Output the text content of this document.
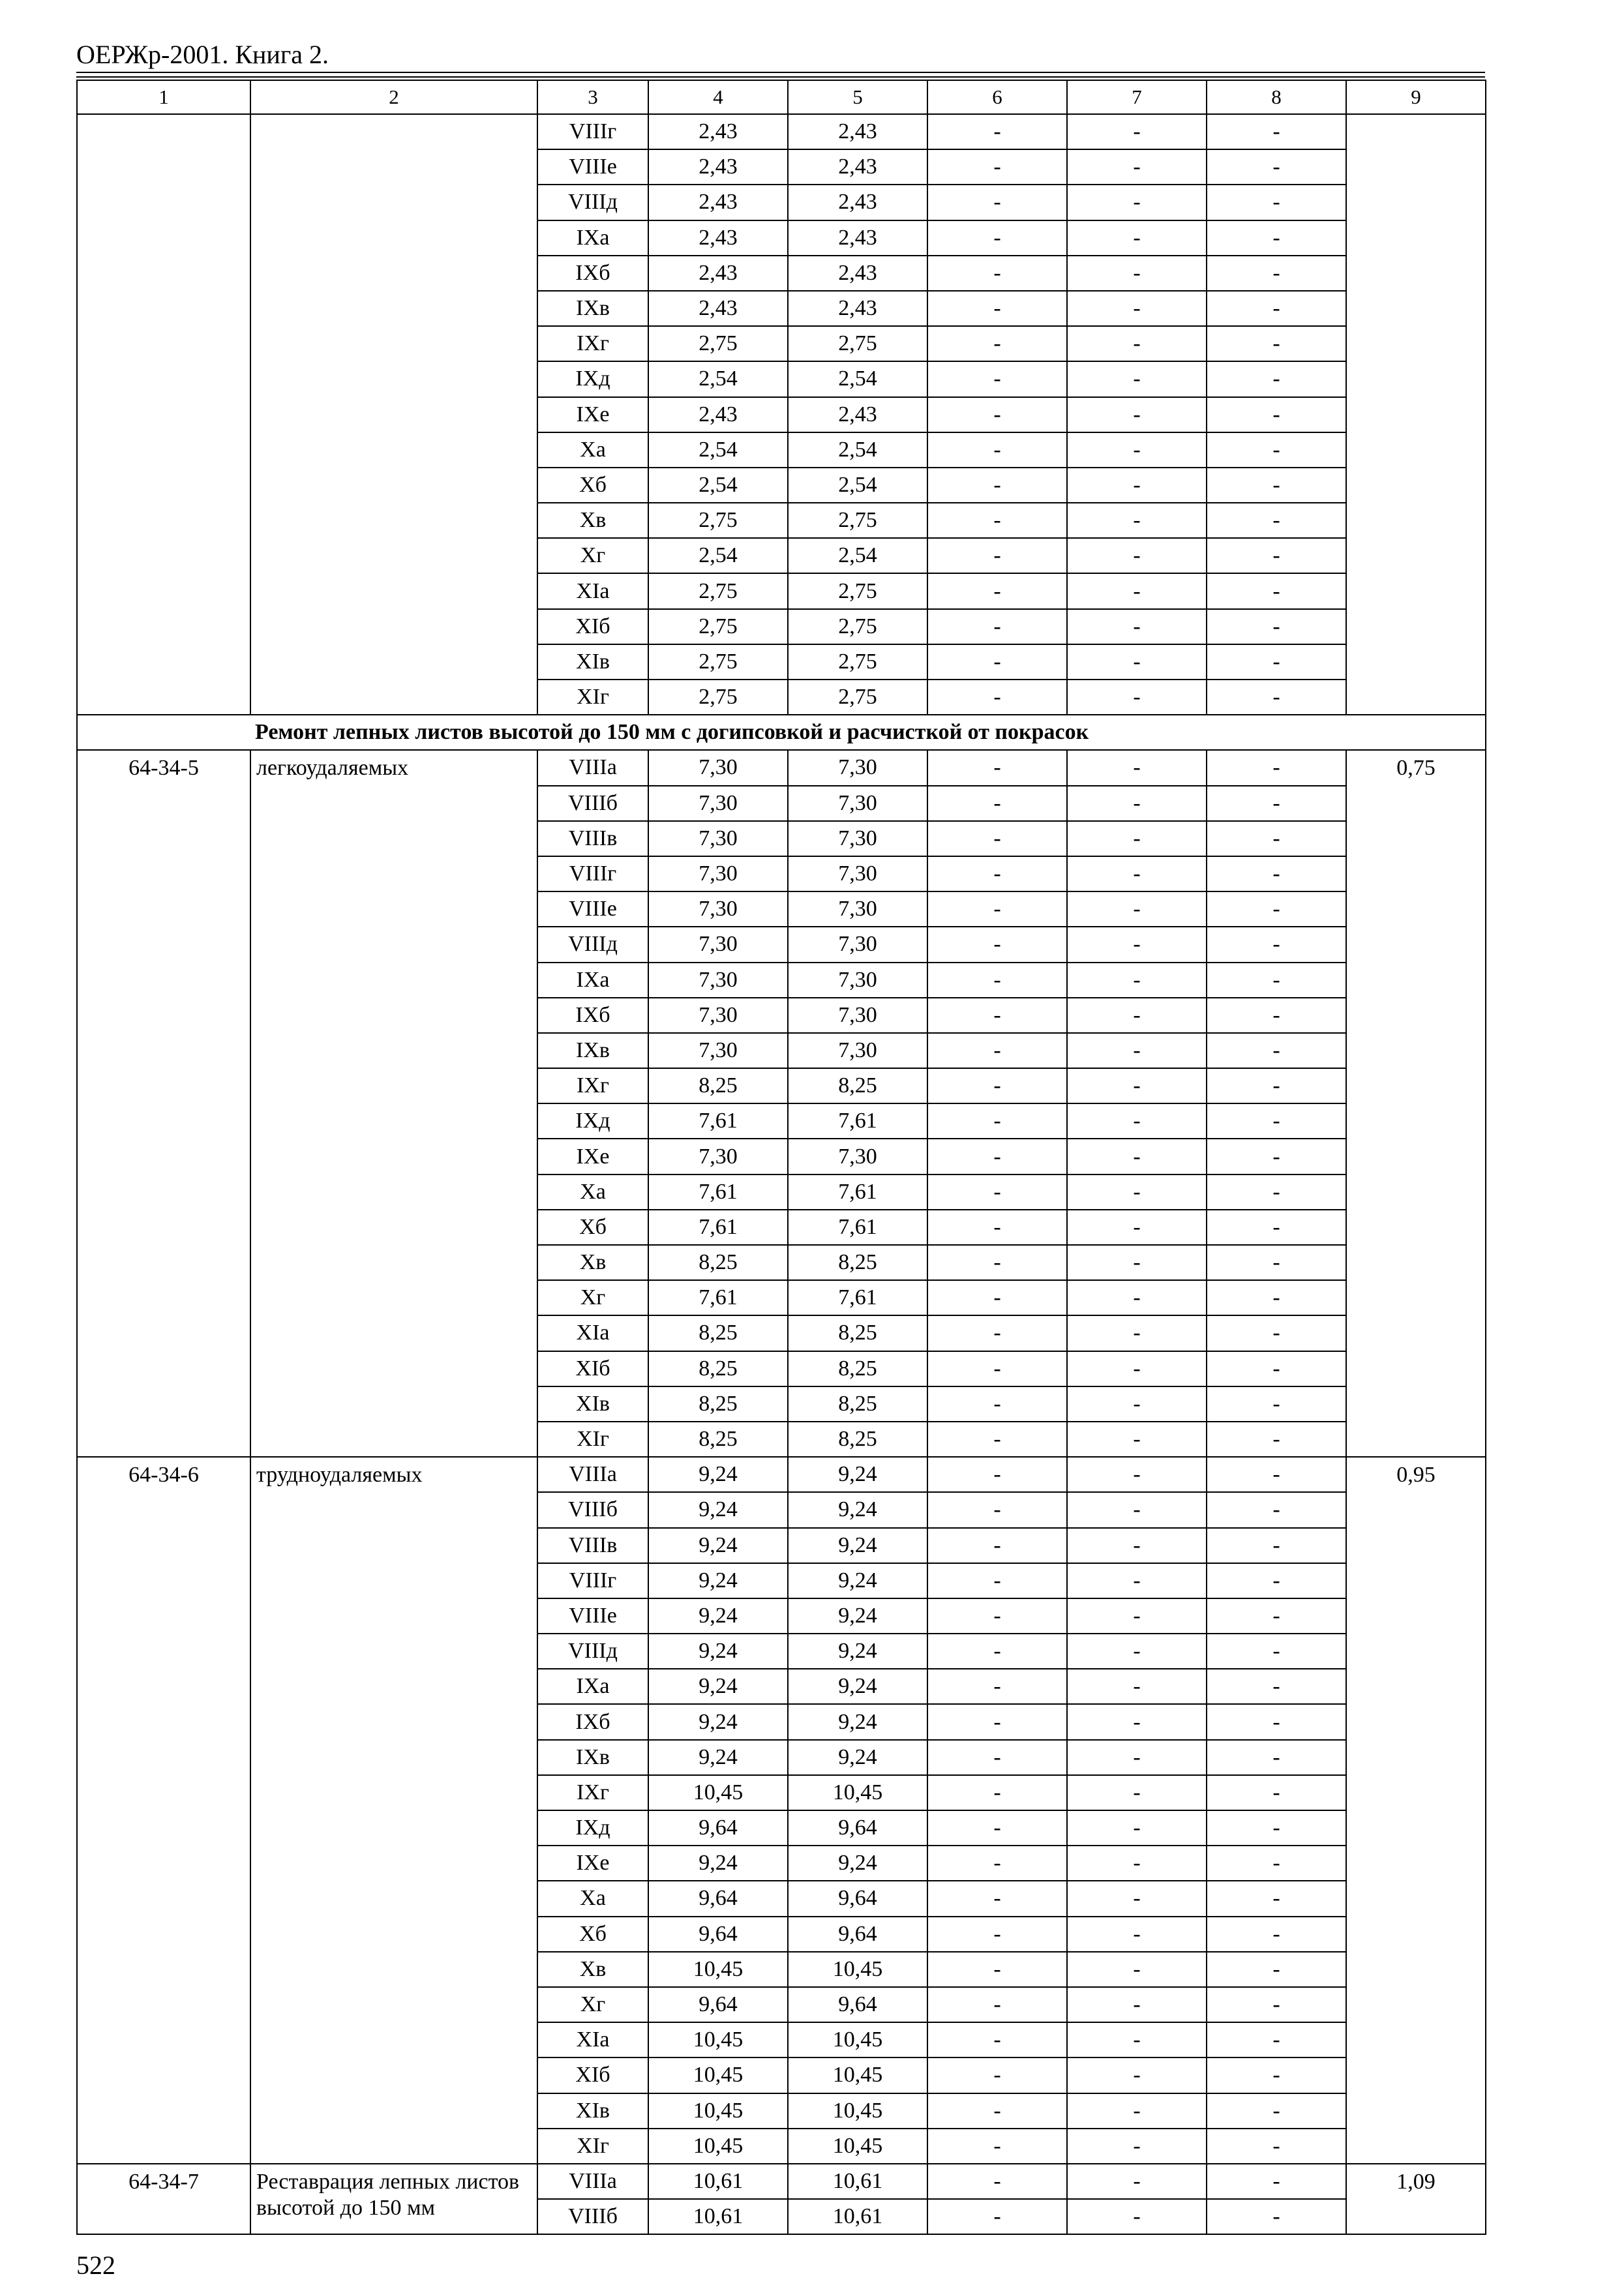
ОЕРЖр-2001. Книга 2.
1	2	3	4	5	6	7	8	9
		VIIIг	2,43	2,43	-	-	-	
		VIIIе	2,43	2,43	-	-	-	
		VIIIд	2,43	2,43	-	-	-	
		IXа	2,43	2,43	-	-	-	
		IXб	2,43	2,43	-	-	-	
		IXв	2,43	2,43	-	-	-	
		IXг	2,75	2,75	-	-	-	
		IXд	2,54	2,54	-	-	-	
		IXе	2,43	2,43	-	-	-	
		Xа	2,54	2,54	-	-	-	
		Xб	2,54	2,54	-	-	-	
		Xв	2,75	2,75	-	-	-	
		Xг	2,54	2,54	-	-	-	
		XIа	2,75	2,75	-	-	-	
		XIб	2,75	2,75	-	-	-	
		XIв	2,75	2,75	-	-	-	
		XIг	2,75	2,75	-	-	-	
Ремонт лепных листов высотой до 150 мм с догипсовкой и расчисткой от покрасок								
64-34-5	легкоудаляемых	VIIIа	7,30	7,30	-	-	-	0,75
		VIIIб	7,30	7,30	-	-	-	
		VIIIв	7,30	7,30	-	-	-	
		VIIIг	7,30	7,30	-	-	-	
		VIIIе	7,30	7,30	-	-	-	
		VIIIд	7,30	7,30	-	-	-	
		IXа	7,30	7,30	-	-	-	
		IXб	7,30	7,30	-	-	-	
		IXв	7,30	7,30	-	-	-	
		IXг	8,25	8,25	-	-	-	
		IXд	7,61	7,61	-	-	-	
		IXе	7,30	7,30	-	-	-	
		Xа	7,61	7,61	-	-	-	
		Xб	7,61	7,61	-	-	-	
		Xв	8,25	8,25	-	-	-	
		Xг	7,61	7,61	-	-	-	
		XIа	8,25	8,25	-	-	-	
		XIб	8,25	8,25	-	-	-	
		XIв	8,25	8,25	-	-	-	
		XIг	8,25	8,25	-	-	-	
64-34-6	трудноудаляемых	VIIIа	9,24	9,24	-	-	-	0,95
		VIIIб	9,24	9,24	-	-	-	
		VIIIв	9,24	9,24	-	-	-	
		VIIIг	9,24	9,24	-	-	-	
		VIIIе	9,24	9,24	-	-	-	
		VIIIд	9,24	9,24	-	-	-	
		IXа	9,24	9,24	-	-	-	
		IXб	9,24	9,24	-	-	-	
		IXв	9,24	9,24	-	-	-	
		IXг	10,45	10,45	-	-	-	
		IXд	9,64	9,64	-	-	-	
		IXе	9,24	9,24	-	-	-	
		Xа	9,64	9,64	-	-	-	
		Xб	9,64	9,64	-	-	-	
		Xв	10,45	10,45	-	-	-	
		Xг	9,64	9,64	-	-	-	
		XIа	10,45	10,45	-	-	-	
		XIб	10,45	10,45	-	-	-	
		XIв	10,45	10,45	-	-	-	
		XIг	10,45	10,45	-	-	-	
64-34-7	Реставрация лепных листов высотой до 150 мм	VIIIа	10,61	10,61	-	-	-	1,09
		VIIIб	10,61	10,61	-	-	-	
522
